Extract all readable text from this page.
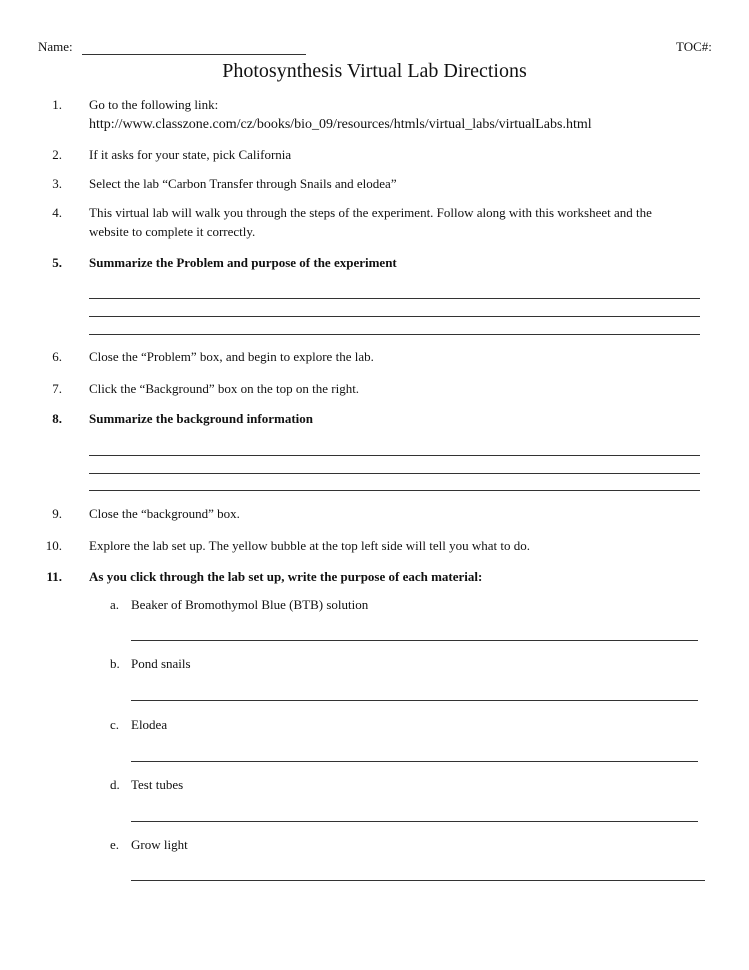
Name:	TOC#:
Photosynthesis Virtual Lab Directions
1. Go to the following link:
http://www.classzone.com/cz/books/bio_09/resources/htmls/virtual_labs/virtualLabs.html
2. If it asks for your state, pick California
3. Select the lab “Carbon Transfer through Snails and elodea”
4. This virtual lab will walk you through the steps of the experiment. Follow along with this worksheet and the
website to complete it correctly.
5. Summarize the Problem and purpose of the experiment
6. Close the “Problem” box, and begin to explore the lab.
7. Click the “Background” box on the top on the right.
8. Summarize the background information
9. Close the “background” box.
10. Explore the lab set up. The yellow bubble at the top left side will tell you what to do.
11. As you click through the lab set up, write the purpose of each material:
a. Beaker of Bromothymol Blue (BTB) solution
b. Pond snails
c. Elodea
d. Test tubes
e. Grow light
